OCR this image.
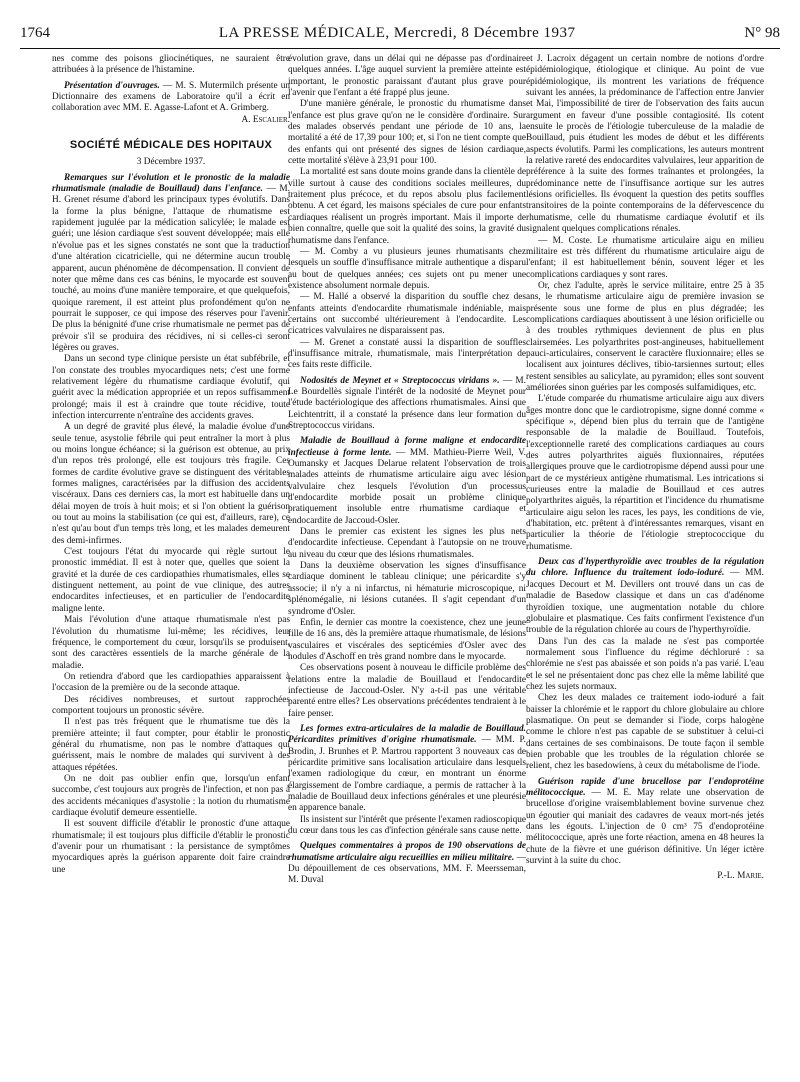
1764	LA PRESSE MÉDICALE, Mercredi, 8 Décembre 1937	N° 98

nes comme des poisons gliocinétiques, ne sauraient être attribuées à la présence de l'histamine.

Présentation d'ouvrages. — M. S. Mutermilch présente un Dictionnaire des examens de Laboratoire qu'il a écrit en collaboration avec MM. E. Agasse-Lafont et A. Grimberg.

A. Escalier.

SOCIÉTÉ MÉDICALE DES HOPITAUX

3 Décembre 1937.

Remarques sur l'évolution et le pronostic de la maladie rhumatismale (maladie de Bouillaud) dans l'enfance. — M. H. Grenet résume d'abord les principaux types évolutifs. Dans la forme la plus bénigne, l'attaque de rhumatisme est rapidement jugulée par la médication salicylée; le malade est guéri; une lésion cardiaque s'est souvent développée; mais elle n'évolue pas et les signes constatés ne sont que la traduction d'une altération cicatricielle, qui ne détermine aucun trouble apparent, aucun phénomène de décompensation. Il convient de noter que même dans ces cas bénins, le myocarde est souvent touché, au moins d'une manière temporaire, et que quelquefois, quoique rarement, il est atteint plus profondément qu'on ne pourrait le supposer, ce qui impose des réserves pour l'avenir. De plus la bénignité d'une crise rhumatismale ne permet pas de prévoir s'il se produira des récidives, ni si celles-ci seront légères ou graves.

Dans un second type clinique persiste un état subfébrile, et l'on constate des troubles myocardiques nets; c'est une forme relativement légère du rhumatisme cardiaque évolutif, qui guérit avec la médication appropriée et un repos suffisamment prolongé; mais il est à craindre que toute récidive, toute infection intercurrente n'entraîne des accidents graves.

A un degré de gravité plus élevé, la maladie évolue d'une seule tenue, asystolie fébrile qui peut entraîner la mort à plus ou moins longue échéance; si la guérison est obtenue, au prix d'un repos très prolongé, elle est toujours très fragile. Ces formes de cardite évolutive grave se distinguent des véritables formes malignes, caractérisées par la diffusion des accidents viscéraux. Dans ces derniers cas, la mort est habituelle dans un délai moyen de trois à huit mois; et si l'on obtient la guérison ou tout au moins la stabilisation (ce qui est, d'ailleurs, rare), ce n'est qu'au bout d'un temps très long, et les malades demeurent des demi-infirmes.

C'est toujours l'état du myocarde qui règle surtout le pronostic immédiat. Il est à noter que, quelles que soient la gravité et la durée de ces cardiopathies rhumatismales, elles se distinguent nettement, au point de vue clinique, des autres endocardites infectieuses, et en particulier de l'endocardite maligne lente.

Mais l'évolution d'une attaque rhumatismale n'est pas l'évolution du rhumatisme lui-même; les récidives, leur fréquence, le comportement du cœur, lorsqu'ils se produisent, sont des caractères essentiels de la marche générale de la maladie.

On retiendra d'abord que les cardiopathies apparaissent à l'occasion de la première ou de la seconde attaque.

Des récidives nombreuses, et surtout rapprochées comportent toujours un pronostic sévère.

Il n'est pas très fréquent que le rhumatisme tue dès la première atteinte; il faut compter, pour établir le pronostic général du rhumatisme, non pas le nombre d'attaques qui guérissent, mais le nombre de malades qui survivent à des attaques répétées.

On ne doit pas oublier enfin que, lorsqu'un enfant succombe, c'est toujours aux progrès de l'infection, et non pas à des accidents mécaniques d'asystolie : la notion du rhumatisme cardiaque évolutif demeure essentielle.

Il est souvent difficile d'établir le pronostic d'une attaque rhumatismale; il est toujours plus difficile d'établir le pronostic d'avenir pour un rhumatisant : la persistance de symptômes myocardiques après la guérison apparente doit faire craindre une

évolution grave, dans un délai qui ne dépasse pas d'ordinaire quelques années. L'âge auquel survient la première atteinte est important, le pronostic paraissant d'autant plus grave pour l'avenir que l'enfant a été frappé plus jeune.

D'une manière générale, le pronostic du rhumatisme dans l'enfance est plus grave qu'on ne le considère d'ordinaire. Sur des malades observés pendant une période de 10 ans, la mortalité a été de 17,39 pour 100; et, si l'on ne tient compte que des enfants qui ont présenté des signes de lésion cardiaque, cette mortalité s'élève à 23,91 pour 100.

La mortalité est sans doute moins grande dans la clientèle de ville surtout à cause des conditions sociales meilleures, du traitement plus précoce, et du repos absolu plus facilement obtenu. A cet égard, les maisons spéciales de cure pour enfants cardiaques réalisent un progrès important. Mais il importe de bien connaître, quelle que soit la qualité des soins, la gravité du rhumatisme dans l'enfance.

— M. Comby a vu plusieurs jeunes rhumatisants chez lesquels un souffle d'insuffisance mitrale authentique a disparu au bout de quelques années; ces sujets ont pu mener une existence absolument normale depuis.

— M. Hallé a observé la disparition du souffle chez des enfants atteints d'endocardite rhumatismale indéniable, mais certains ont succombé ultérieurement à l'endocardite. Les cicatrices valvulaires ne disparaissent pas.

— M. Grenet a constaté aussi la disparition de souffles d'insuffisance mitrale, rhumatismale, mais l'interprétation de ces faits reste difficile.

Nodosités de Meynet et « Streptococcus viridans ». — M. Le Bourdellès signale l'intérêt de la nodosité de Meynet pour l'étude bactériologique des affections rhumatismales. Ainsi que Leichtentritt, il a constaté la présence dans leur formation du Streptococcus viridans.

Maladie de Bouillaud à forme maligne et endocardite infectieuse à forme lente. — MM. Mathieu-Pierre Weil, V. Oumansky et Jacques Delarue relatent l'observation de trois malades atteints de rhumatisme articulaire aigu avec lésion valvulaire chez lesquels l'évolution d'un processus d'endocardite morbide posait un problème clinique pratiquement insoluble entre rhumatisme cardiaque et endocardite de Jaccoud-Osler.

Dans le premier cas existent les signes les plus nets d'endocardite infectieuse. Cependant à l'autopsie on ne trouve au niveau du cœur que des lésions rhumatismales.

Dans la deuxième observation les signes d'insuffisance cardiaque dominent le tableau clinique; une péricardite s'y associe; il n'y a ni infarctus, ni hématurie microscopique, ni splénomégalie, ni lésions cutanées. Il s'agit cependant d'un syndrome d'Osler.

Enfin, le dernier cas montre la coexistence, chez une jeune fille de 16 ans, dès la première attaque rhumatismale, de lésions vasculaires et viscérales des septicémies d'Osler avec des nodules d'Aschoff en très grand nombre dans le myocarde.

Ces observations posent à nouveau le difficile problème des relations entre la maladie de Bouillaud et l'endocardite infectieuse de Jaccoud-Osler. N'y a-t-il pas une véritable parenté entre elles? Les observations précédentes tendraient à le faire penser.

Les formes extra-articulaires de la maladie de Bouillaud. Péricardites primitives d'origine rhumatismale. — MM. P. Brodin, J. Brunhes et P. Martrou rapportent 3 nouveaux cas de péricardite primitive sans localisation articulaire dans lesquels l'examen radiologique du cœur, en montrant un énorme élargissement de l'ombre cardiaque, a permis de rattacher à la maladie de Bouillaud deux infections générales et une pleurésie en apparence banale.

Ils insistent sur l'intérêt que présente l'examen radioscopique du cœur dans tous les cas d'infection générale sans cause nette.

Quelques commentaires à propos de 190 observations de rhumatisme articulaire aigu recueillies en milieu militaire. — Du dépouillement de ces observations, MM. F. Meersseman, M. Duval

et J. Lacroix dégagent un certain nombre de notions d'ordre épidémiologique, étiologique et clinique. Au point de vue épidémiologique, ils montrent les variations de fréquence suivant les années, la prédominance de l'affection entre Janvier et Mai, l'impossibilité de tirer de l'observation des faits aucun argument en faveur d'une possible contagiosité. Ils cotent ensuite le procès de l'étiologie tuberculeuse de la maladie de Bouillaud, puis étudient les modes de début et les différents aspects évolutifs. Parmi les complications, les auteurs montrent la relative rareté des endocardites valvulaires, leur apparition de préférence à la suite des formes traînantes et prolongées, la prédominance nette de l'insuffisance aortique sur les autres lésions orificielles. Ils évoquent la question des petits souffles transitoires de la pointe contemporains de la défervescence du rhumatisme, celle du rhumatisme cardiaque évolutif et ils signalent quelques complications rénales.

— M. Coste. Le rhumatisme articulaire aigu en milieu militaire est très différent du rhumatisme articulaire aigu de l'enfant; il est habituellement bénin, souvent léger et les complications cardiaques y sont rares.

Or, chez l'adulte, après le service militaire, entre 25 à 35 ans, le rhumatisme articulaire aigu de première invasion se présente sous une forme de plus en plus dégradée; les complications cardiaques aboutissent à une lésion orificielle ou à des troubles rythmiques deviennent de plus en plus clairsemées. Les polyarthrites post-angineuses, habituellement pauci-articulaires, conservent le caractère fluxionnaire; elles se localisent aux jointures déclives, tibio-tarsiennes surtout; elles restent sensibles au salicylate, au pyramidon; elles sont souvent améliorées sinon guéries par les composés sulfamidiques, etc.

L'étude comparée du rhumatisme articulaire aigu aux divers âges montre donc que le cardiotropisme, signe donné comme « spécifique », dépend bien plus du terrain que de l'antigène responsable de la maladie de Bouillaud. Toutefois, l'exceptionnelle rareté des complications cardiaques au cours des autres polyarthrites aiguës fluxionnaires, réputées allergiques prouve que le cardiotropisme dépend aussi pour une part de ce mystérieux antigène rhumatismal. Les intrications si curieuses entre la maladie de Bouillaud et ces autres polyarthrites aiguës, la répartition et l'incidence du rhumatisme articulaire aigu selon les races, les pays, les conditions de vie, d'habitation, etc. prêtent à d'intéressantes remarques, visant en particulier la théorie de l'étiologie streptococcique du rhumatisme.

Deux cas d'hyperthyroïdie avec troubles de la régulation du chlore. Influence du traitement iodo-ioduré. — MM. Jacques Decourt et M. Devillers ont trouvé dans un cas de maladie de Basedow classique et dans un cas d'adénome thyroïdien toxique, une augmentation notable du chlore globulaire et plasmatique. Ces faits confirment l'existence d'un trouble de la régulation chlorée au cours de l'hyperthyroïdie.

Dans l'un des cas la malade ne s'est pas comportée normalement sous l'influence du régime déchloruré : sa chlorémie ne s'est pas abaissée et son poids n'a pas varié. L'eau et le sel ne présentaient donc pas chez elle la même labilité que chez les sujets normaux.

Chez les deux malades ce traitement iodo-ioduré a fait baisser la chlorémie et le rapport du chlore globulaire au chlore plasmatique. On peut se demander si l'iode, corps halogène comme le chlore n'est pas capable de se substituer à celui-ci dans certaines de ses combinaisons. De toute façon il semble bien probable que les troubles de la régulation chlorée se relient, chez les basedowiens, à ceux du métabolisme de l'iode.

Guérison rapide d'une brucellose par l'endoprotéine mélitococcique. — M. E. May relate une observation de brucellose d'origine vraisemblablement bovine survenue chez un égoutier qui maniait des cadavres de veaux mort-nés jetés dans les égouts. L'injection de 0 cm³ 75 d'endoprotéine mélitococcique, après une forte réaction, amena en 48 heures la chute de la fièvre et une guérison définitive. Un léger ictère survint à la suite du choc.

P.-L. Marie.
